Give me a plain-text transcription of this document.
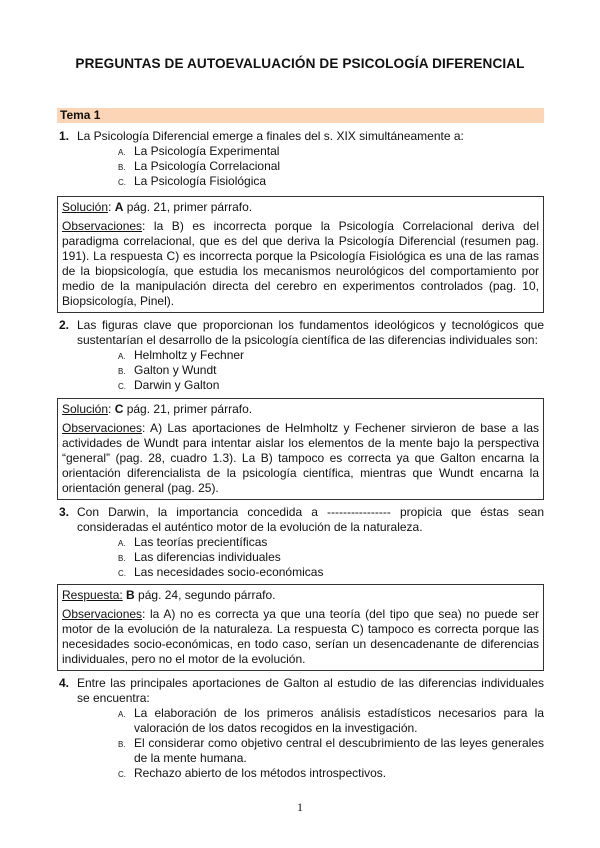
PREGUNTAS DE AUTOEVALUACIÓN DE PSICOLOGÍA DIFERENCIAL
Tema 1
1. La Psicología Diferencial emerge a finales del s. XIX simultáneamente a:
A. La Psicología Experimental
B. La Psicología Correlacional
C. La Psicología Fisiológica

Solución: A pág. 21, primer párrafo.

Observaciones: la B) es incorrecta porque la Psicología Correlacional deriva del paradigma correlacional, que es del que deriva la Psicología Diferencial (resumen pag. 191). La respuesta C) es incorrecta porque la Psicología Fisiológica es una de las ramas de la biopsicología, que estudia los mecanismos neurológicos del comportamiento por medio de la manipulación directa del cerebro en experimentos controlados (pag. 10, Biopsicología, Pinel).

2. Las figuras clave que proporcionan los fundamentos ideológicos y tecnológicos que sustentarían el desarrollo de la psicología científica de las diferencias individuales son:
A. Helmholtz y Fechner
B. Galton y Wundt
C. Darwin y Galton

Solución: C pág. 21, primer párrafo.

Observaciones: A) Las aportaciones de Helmholtz y Fechener sirvieron de base a las actividades de Wundt para intentar aislar los elementos de la mente bajo la perspectiva “general” (pag. 28, cuadro 1.3). La B) tampoco es correcta ya que Galton encarna la orientación diferencialista de la psicología científica, mientras que Wundt encarna la orientación general (pag. 25).

3. Con Darwin, la importancia concedida a ---------------- propicia que éstas sean consideradas el auténtico motor de la evolución de la naturaleza.
A. Las teorías precientíficas
B. Las diferencias individuales
C. Las necesidades socio-económicas

Respuesta: B pág. 24, segundo párrafo.

Observaciones: la A) no es correcta ya que una teoría (del tipo que sea) no puede ser motor de la evolución de la naturaleza. La respuesta C) tampoco es correcta porque las necesidades socio-económicas, en todo caso, serían un desencadenante de diferencias individuales, pero no el motor de la evolución.

4. Entre las principales aportaciones de Galton al estudio de las diferencias individuales se encuentra:
A. La elaboración de los primeros análisis estadísticos necesarios para la valoración de los datos recogidos en la investigación.
B. El considerar como objetivo central el descubrimiento de las leyes generales de la mente humana.
C. Rechazo abierto de los métodos introspectivos.
1
